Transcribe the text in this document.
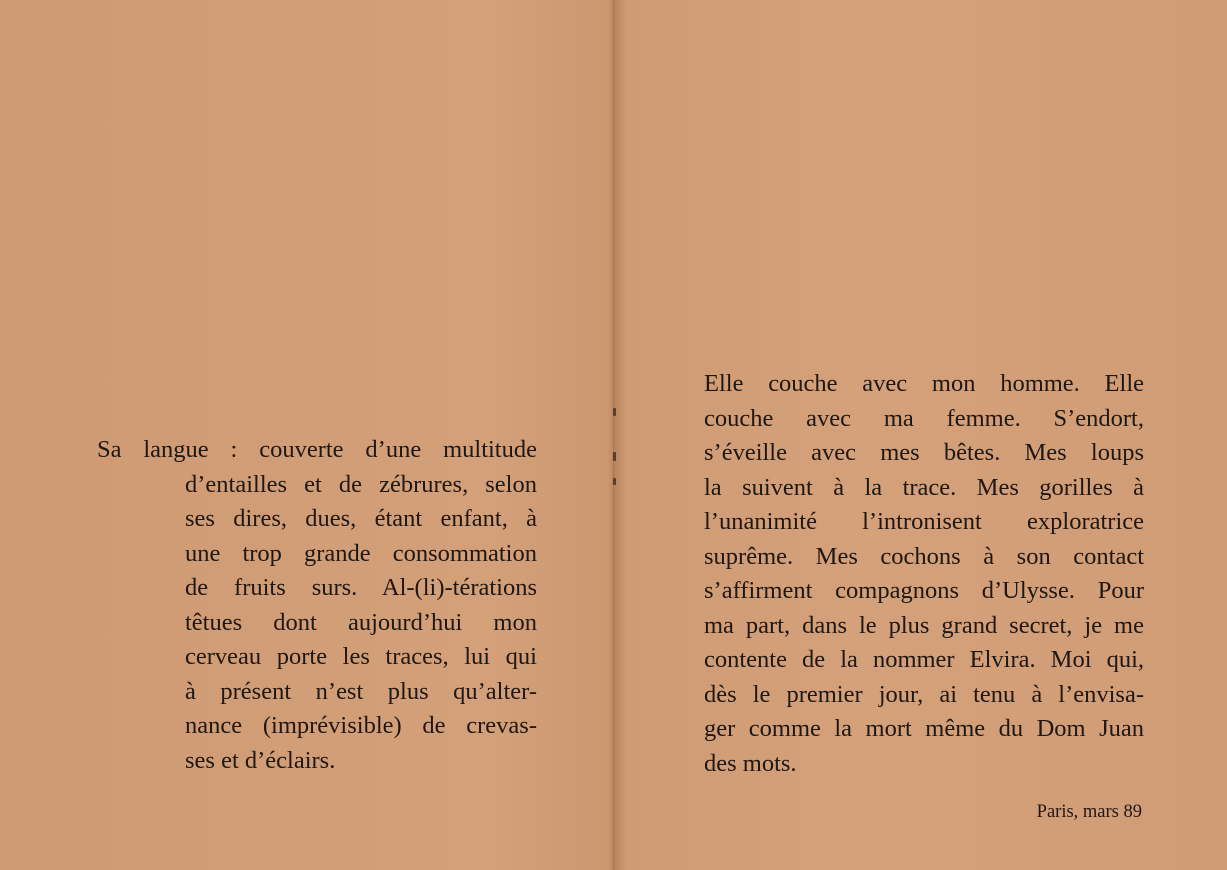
Sa langue : couverte d’une multitude
d’entailles et de zébrures, selon
ses dires, dues, étant enfant, à
une trop grande consommation
de fruits surs. Al-(li)-térations
têtues dont aujourd’hui mon
cerveau porte les traces, lui qui
à présent n’est plus qu’alter-
nance (imprévisible) de crevas-
ses et d’éclairs.
Elle couche avec mon homme. Elle
couche avec ma femme. S’endort,
s’éveille avec mes bêtes. Mes loups
la suivent à la trace. Mes gorilles à
l’unanimité l’intronisent exploratrice
suprême. Mes cochons à son contact
s’affirment compagnons d’Ulysse. Pour
ma part, dans le plus grand secret, je me
contente de la nommer Elvira. Moi qui,
dès le premier jour, ai tenu à l’envisa-
ger comme la mort même du Dom Juan
des mots.
Paris, mars 89
